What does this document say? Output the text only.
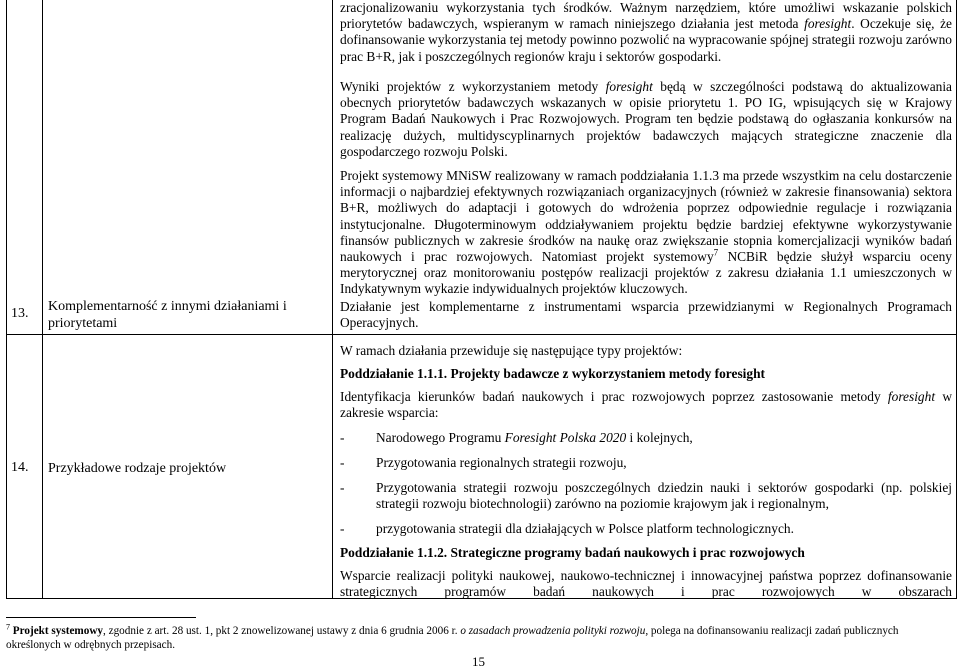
13. Komplementarność z innymi działaniami i priorytetami
14. Przykładowe rodzaje projektów
zracjonalizowaniu wykorzystania tych środków. Ważnym narzędziem, które umożliwi wskazanie polskich priorytetów badawczych, wspieranym w ramach niniejszego działania jest metoda foresight. Oczekuje się, że dofinansowanie wykorzystania tej metody powinno pozwolić na wypracowanie spójnej strategii rozwoju zarówno prac B+R, jak i poszczególnych regionów kraju i sektorów gospodarki.
Wyniki projektów z wykorzystaniem metody foresight będą w szczególności podstawą do aktualizowania obecnych priorytetów badawczych wskazanych w opisie priorytetu 1. PO IG, wpisujących się w Krajowy Program Badań Naukowych i Prac Rozwojowych. Program ten będzie podstawą do ogłaszania konkursów na realizację dużych, multidyscyplinarnych projektów badawczych mających strategiczne znaczenie dla gospodarczego rozwoju Polski.
Projekt systemowy MNiSW realizowany w ramach poddziałania 1.1.3 ma przede wszystkim na celu dostarczenie informacji o najbardziej efektywnych rozwiązaniach organizacyjnych (również w zakresie finansowania) sektora B+R, możliwych do adaptacji i gotowych do wdrożenia poprzez odpowiednie regulacje i rozwiązania instytucjonalne. Długoterminowym oddziaływaniem projektu będzie bardziej efektywne wykorzystywanie finansów publicznych w zakresie środków na naukę oraz zwiększanie stopnia komercjalizacji wyników badań naukowych i prac rozwojowych. Natomiast projekt systemowy$^7$ NCBiR będzie służył wsparciu oceny merytorycznej oraz monitorowaniu postępów realizacji projektów z zakresu działania 1.1 umieszczonych w Indykatywnym wykazie indywidualnych projektów kluczowych.
Działanie jest komplementarne z instrumentami wsparcia przewidzianymi w Regionalnych Programach Operacyjnych.
W ramach działania przewiduje się następujące typy projektów:
Poddziałanie 1.1.1. Projekty badawcze z wykorzystaniem metody foresight
Identyfikacja kierunków badań naukowych i prac rozwojowych poprzez zastosowanie metody foresight w zakresie wsparcia:
- Narodowego Programu Foresight Polska 2020 i kolejnych,
- Przygotowania regionalnych strategii rozwoju,
- Przygotowania strategii rozwoju poszczególnych dziedzin nauki i sektorów gospodarki (np. polskiej strategii rozwoju biotechnologii) zarówno na poziomie krajowym jak i regionalnym,
- przygotowania strategii dla działających w Polsce platform technologicznych.
Poddziałanie 1.1.2. Strategiczne programy badań naukowych i prac rozwojowych
Wsparcie realizacji polityki naukowej, naukowo-technicznej i innowacyjnej państwa poprzez dofinansowanie strategicznych programów badań naukowych i prac rozwojowych w obszarach
$^7$ Projekt systemowy, zgodnie z art. 28 ust. 1, pkt 2 znowelizowanej ustawy z dnia 6 grudnia 2006 r. o zasadach prowadzenia polityki rozwoju, polega na dofinansowaniu realizacji zadań publicznych określonych w odrębnych przepisach.
15
